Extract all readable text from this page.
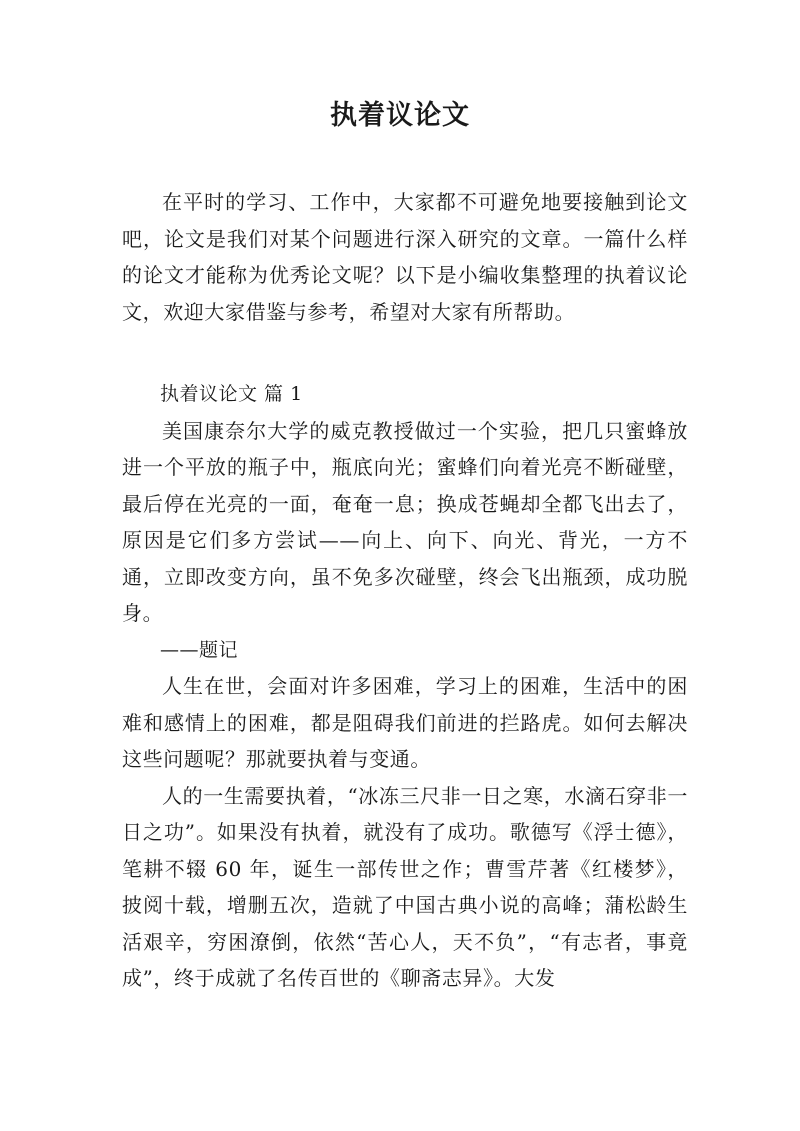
执着议论文

在平时的学习、工作中，大家都不可避免地要接触到论文吧，论文是我们对某个问题进行深入研究的文章。一篇什么样的论文才能称为优秀论文呢？以下是小编收集整理的执着议论文，欢迎大家借鉴与参考，希望对大家有所帮助。

执着议论文 篇 1

美国康奈尔大学的威克教授做过一个实验，把几只蜜蜂放进一个平放的瓶子中，瓶底向光；蜜蜂们向着光亮不断碰壁，最后停在光亮的一面，奄奄一息；换成苍蝇却全都飞出去了，原因是它们多方尝试——向上、向下、向光、背光，一方不通，立即改变方向，虽不免多次碰壁，终会飞出瓶颈，成功脱身。

——题记

人生在世，会面对许多困难，学习上的困难，生活中的困难和感情上的困难，都是阻碍我们前进的拦路虎。如何去解决这些问题呢？那就要执着与变通。

人的一生需要执着，“冰冻三尺非一日之寒，水滴石穿非一日之功”。如果没有执着，就没有了成功。歌德写《浮士德》，笔耕不辍 60 年，诞生一部传世之作；曹雪芹著《红楼梦》，披阅十载，增删五次，造就了中国古典小说的高峰；蒲松龄生活艰辛，穷困潦倒，依然“苦心人，天不负”，“有志者，事竟成”，终于成就了名传百世的《聊斋志异》。大发
